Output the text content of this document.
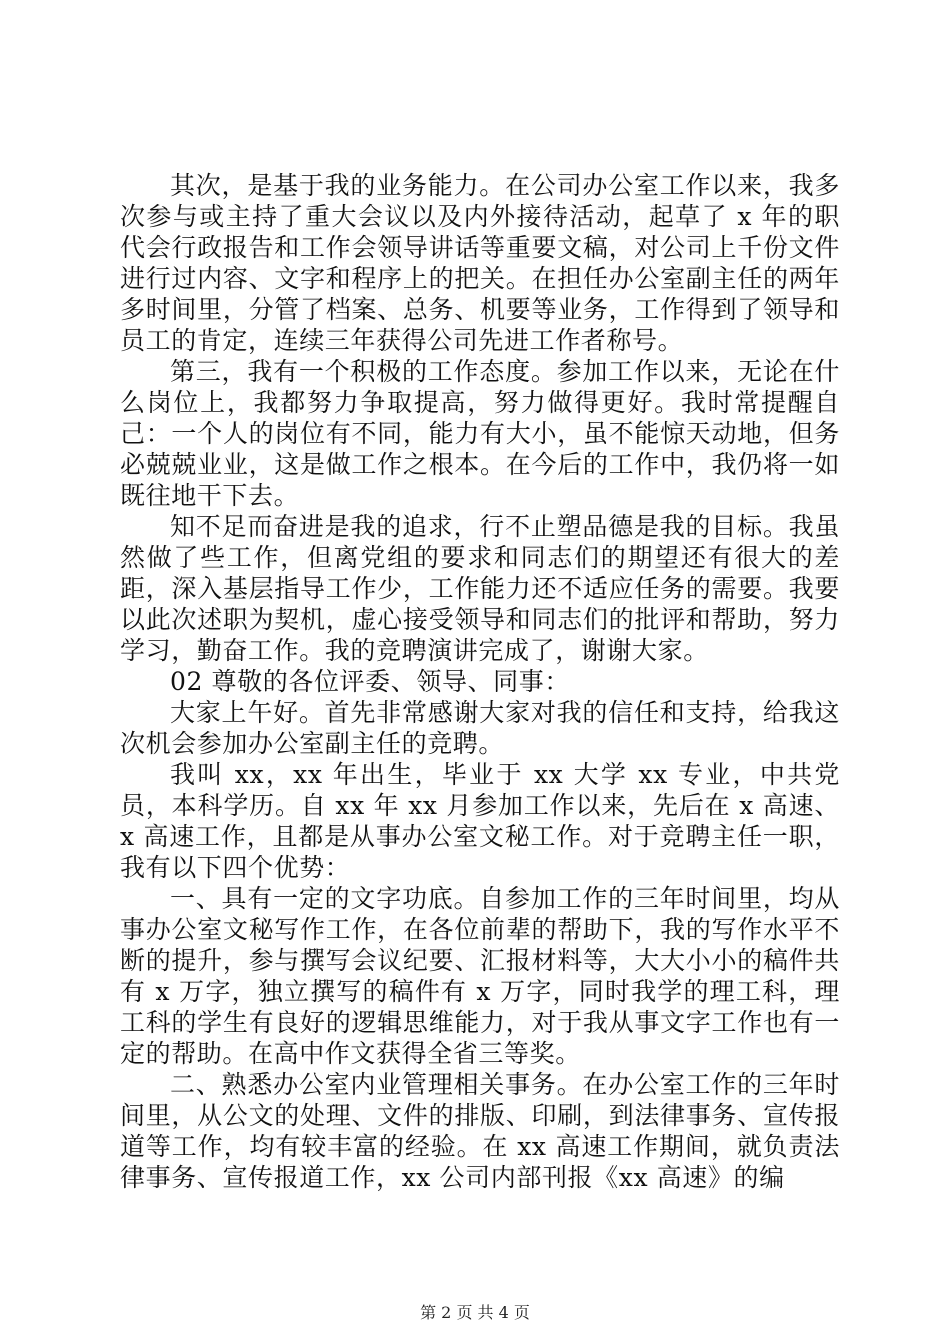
其次，是基于我的业务能力。在公司办公室工作以来，我多次参与或主持了重大会议以及内外接待活动，起草了 x 年的职代会行政报告和工作会领导讲话等重要文稿，对公司上千份文件进行过内容、文字和程序上的把关。在担任办公室副主任的两年多时间里，分管了档案、总务、机要等业务，工作得到了领导和员工的肯定，连续三年获得公司先进工作者称号。

第三，我有一个积极的工作态度。参加工作以来，无论在什么岗位上，我都努力争取提高，努力做得更好。我时常提醒自己：一个人的岗位有不同，能力有大小，虽不能惊天动地，但务必兢兢业业，这是做工作之根本。在今后的工作中，我仍将一如既往地干下去。

知不足而奋进是我的追求，行不止塑品德是我的目标。我虽然做了些工作，但离党组的要求和同志们的期望还有很大的差距，深入基层指导工作少，工作能力还不适应任务的需要。我要以此次述职为契机，虚心接受领导和同志们的批评和帮助，努力学习，勤奋工作。我的竞聘演讲完成了，谢谢大家。

02 尊敬的各位评委、领导、同事：

大家上午好。首先非常感谢大家对我的信任和支持，给我这次机会参加办公室副主任的竞聘。

我叫 xx，xx 年出生，毕业于 xx 大学 xx 专业，中共党员，本科学历。自 xx 年 xx 月参加工作以来，先后在 x 高速、x 高速工作，且都是从事办公室文秘工作。对于竞聘主任一职，我有以下四个优势：

一、具有一定的文字功底。自参加工作的三年时间里，均从事办公室文秘写作工作，在各位前辈的帮助下，我的写作水平不断的提升，参与撰写会议纪要、汇报材料等，大大小小的稿件共有 x 万字，独立撰写的稿件有 x 万字，同时我学的理工科，理工科的学生有良好的逻辑思维能力，对于我从事文字工作也有一定的帮助。在高中作文获得全省三等奖。

二、熟悉办公室内业管理相关事务。在办公室工作的三年时间里，从公文的处理、文件的排版、印刷，到法律事务、宣传报道等工作，均有较丰富的经验。在 xx 高速工作期间，就负责法律事务、宣传报道工作，xx 公司内部刊报《xx 高速》的编

第 2 页 共 4 页
